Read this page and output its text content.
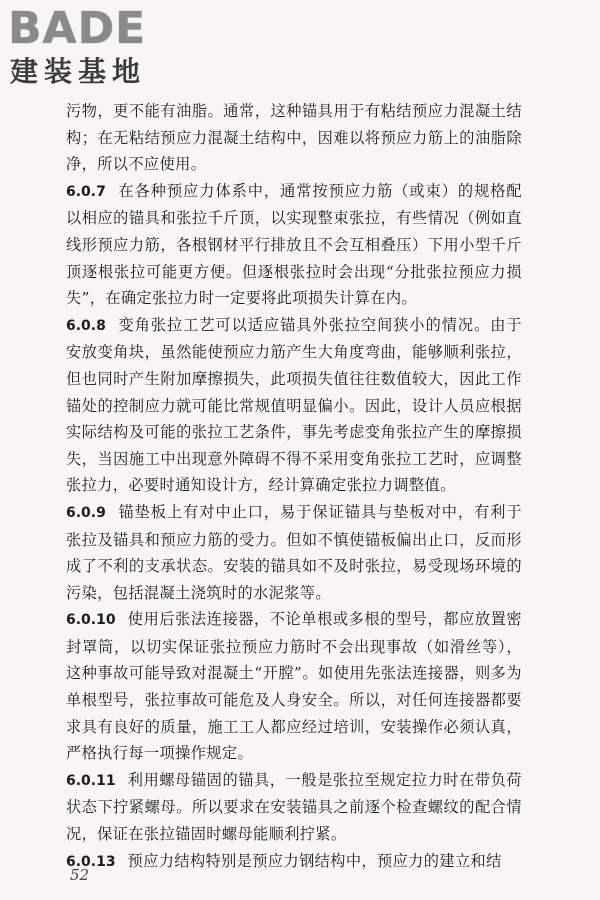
BADE
建装基地

污物，更不能有油脂。通常，这种锚具用于有粘结预应力混凝土结构；在无粘结预应力混凝土结构中，因难以将预应力筋上的油脂除净，所以不应使用。

6.0.7 在各种预应力体系中，通常按预应力筋（或束）的规格配以相应的锚具和张拉千斤顶，以实现整束张拉，有些情况（例如直线形预应力筋，各根钢材平行排放且不会互相叠压）下用小型千斤顶逐根张拉可能更方便。但逐根张拉时会出现“分批张拉预应力损失”，在确定张拉力时一定要将此项损失计算在内。

6.0.8 变角张拉工艺可以适应锚具外张拉空间狭小的情况。由于安放变角块，虽然能使预应力筋产生大角度弯曲，能够顺利张拉，但也同时产生附加摩擦损失，此项损失值往往数值较大，因此工作锚处的控制应力就可能比常规值明显偏小。因此，设计人员应根据实际结构及可能的张拉工艺条件，事先考虑变角张拉产生的摩擦损失，当因施工中出现意外障碍不得不采用变角张拉工艺时，应调整张拉力，必要时通知设计方，经计算确定张拉力调整值。

6.0.9 锚垫板上有对中止口，易于保证锚具与垫板对中，有利于张拉及锚具和预应力筋的受力。但如不慎使锚板偏出止口，反而形成了不利的支承状态。安装的锚具如不及时张拉，易受现场环境的污染，包括混凝土浇筑时的水泥浆等。

6.0.10 使用后张法连接器，不论单根或多根的型号，都应放置密封罩筒，以切实保证张拉预应力筋时不会出现事故（如滑丝等），这种事故可能导致对混凝土“开膛”。如使用先张法连接器，则多为单根型号，张拉事故可能危及人身安全。所以，对任何连接器都要求具有良好的质量，施工工人都应经过培训，安装操作必须认真，严格执行每一项操作规定。

6.0.11 利用螺母锚固的锚具，一般是张拉至规定拉力时在带负荷状态下拧紧螺母。所以要求在安装锚具之前逐个检查螺纹的配合情况，保证在张拉锚固时螺母能顺利拧紧。

6.0.13 预应力结构特别是预应力钢结构中，预应力的建立和结

52
